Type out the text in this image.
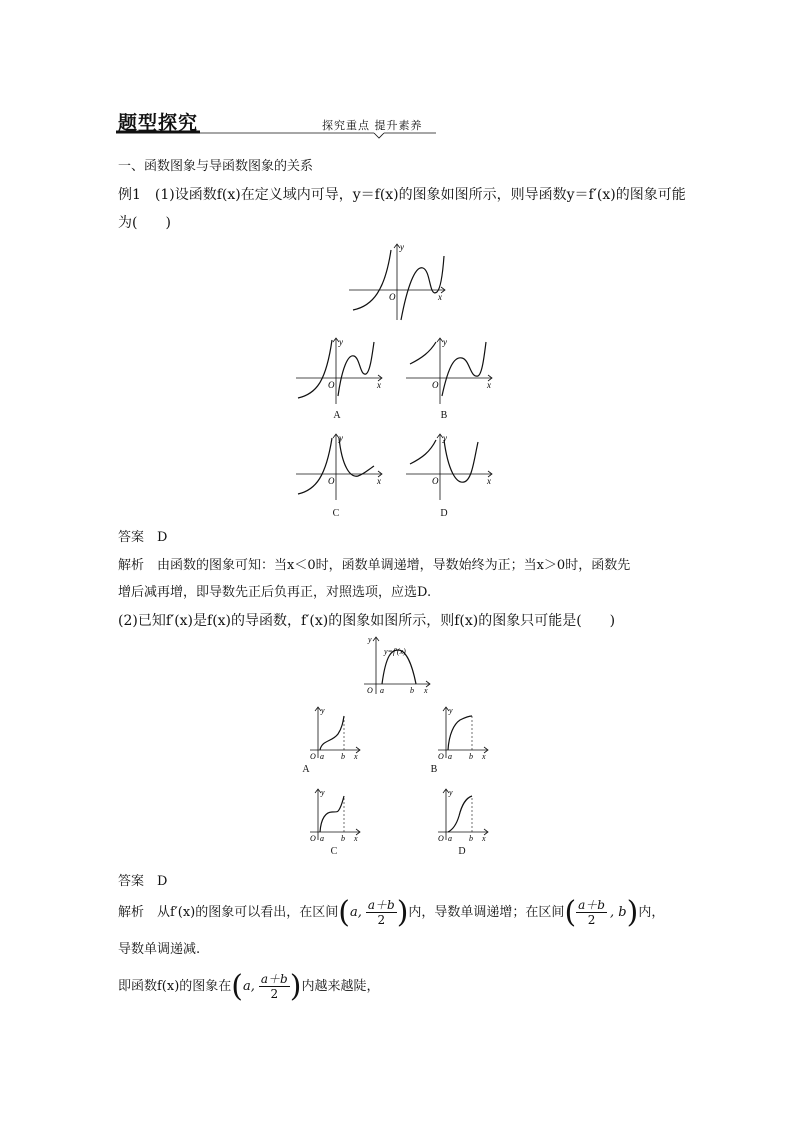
题型探究	探究重点 提升素养
一、函数图象与导函数图象的关系
例1　(1)设函数f(x)在定义域内可导，y＝f(x)的图象如图所示，则导函数y＝f′(x)的图象可能
为(　　)
y
O	x
y
O	x
A
y
O	x
B
y
O	x
C
y
O	x
D
答案　D
解析　由函数的图象可知：当x＜0时，函数单调递增，导数始终为正；当x＞0时，函数先
增后减再增，即导数先正后负再正，对照选项，应选D.
(2)已知f′(x)是f(x)的导函数，f′(x)的图象如图所示，则f(x)的图象只可能是(　　)
y
y=f′(x)
O a	b x
y
O a b x
A
y
O a b x
B
y
O a b x
C
y
O a b x
D
答案　D
解析　从f′(x)的图象可以看出，在区间 ( a, $\frac{a+b}{2}$ ) 内，导数单调递增；在区间 ( $\frac{a+b}{2}$ , b ) 内，
导数单调递减.
即函数f(x)的图象在 ( a, $\frac{a+b}{2}$ ) 内越来越陡，
